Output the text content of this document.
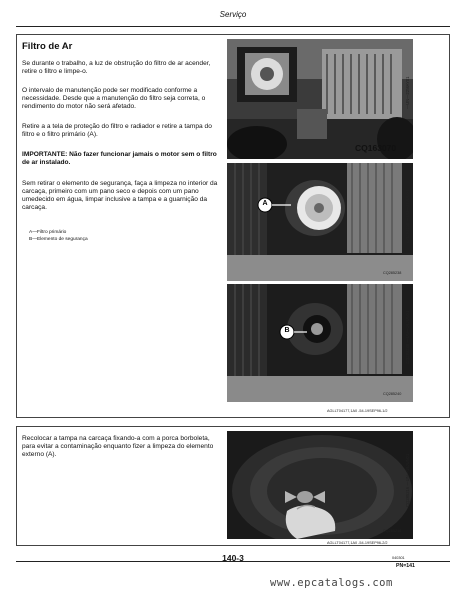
Serviço
Filtro de Ar
Se durante o trabalho, a luz de obstrução do filtro de ar acender, retire o filtro e limpe-o.
O intervalo de manutenção pode ser modificado conforme a necessidade. Desde que a manutenção do filtro seja correta, o rendimento do motor não será afetado.
Retire a a tela de proteção do filtro e radiador e retire a tampa do filtro e o filtro primário (A).
IMPORTANTE: Não fazer funcionar jamais o motor sem o filtro de ar instalado.
Sem retirar o elemento de segurança, faça a limpeza no interior da carcaça, primeiro com um pano seco e depois com um pano umedecido em água, limpar inclusive a tampa e a guarnição da carcaça.
A—Filtro primário
B—Elemento de segurança
CQ163070
—UN—22MAY01
A
CQ285238
CQ285238 —UN—19JUN01
B
CQ285240
CQ285240 —UN—19JUN01
AGLLT04177,1A0 -54-19SEP96-1/2
Recolocar a tampa na carcaça fixando-a com a porca borboleta, para evitar a contaminação enquanto fizer a limpeza do elemento externo (A).
CQ285216
CQ285216 —UN—19JUN01
AGLLT04177,1A0 -54-19SEP96-2/2
140-3	040301
PN=141
www.epcatalogs.com
